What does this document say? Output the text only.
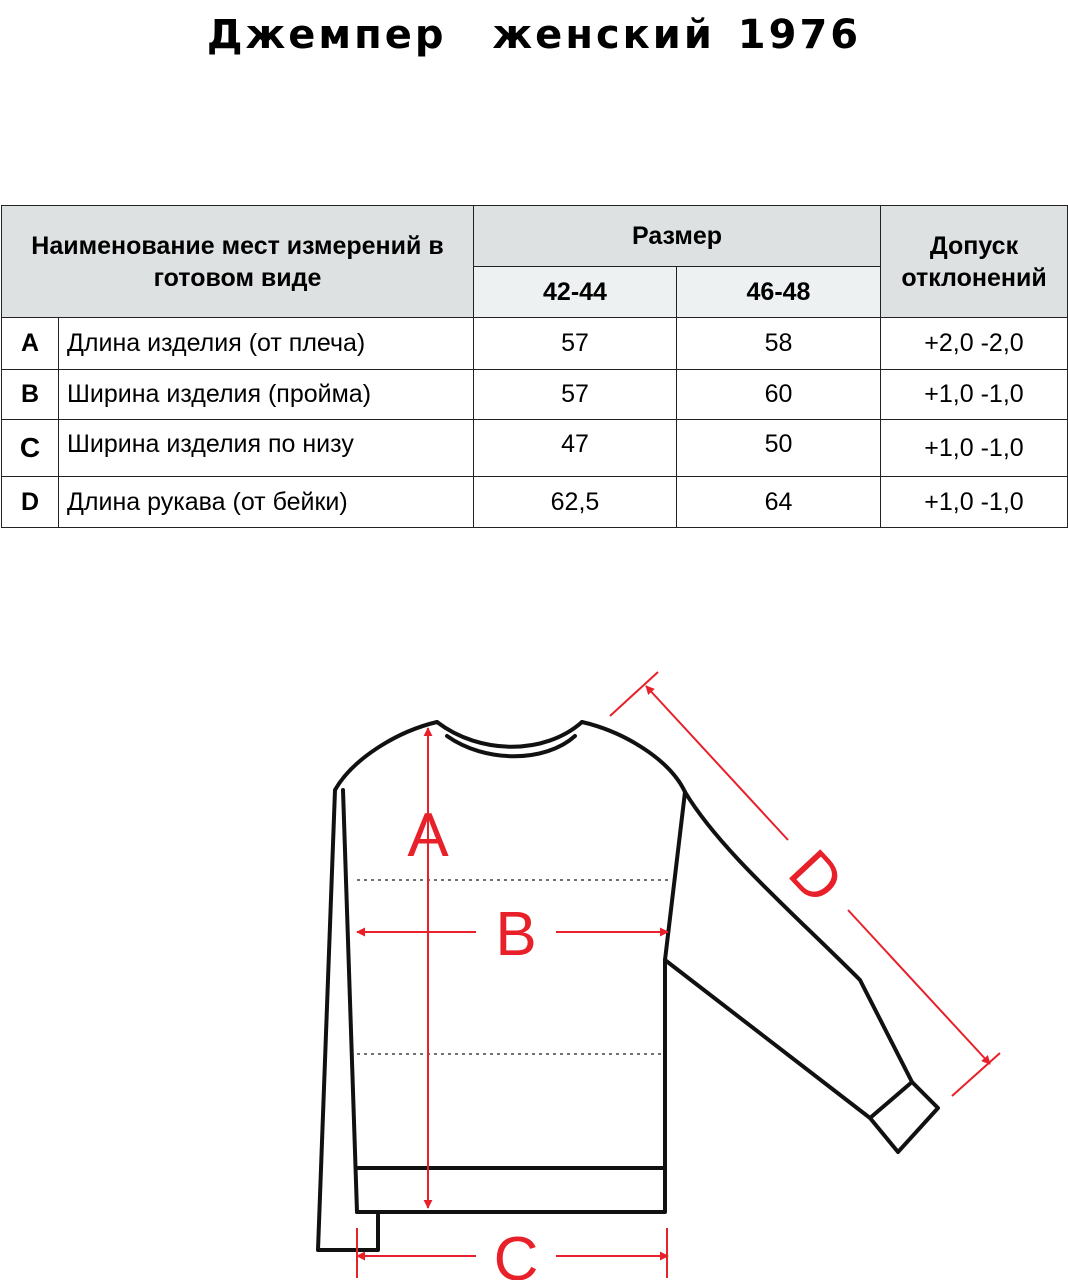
Джемпер  женский 1976
Наименование мест измерений в готовом виде		Размер		Допуск отклонений
		42-44	46-48	
A	Длина изделия (от плеча)	57	58	+2,0 -2,0
B	Ширина изделия (пройма)	57	60	+1,0 -1,0
C	Ширина изделия по низу	47	50	+1,0 -1,0
D	Длина рукава (от бейки)	62,5	64	+1,0 -1,0
A
B
C
D
